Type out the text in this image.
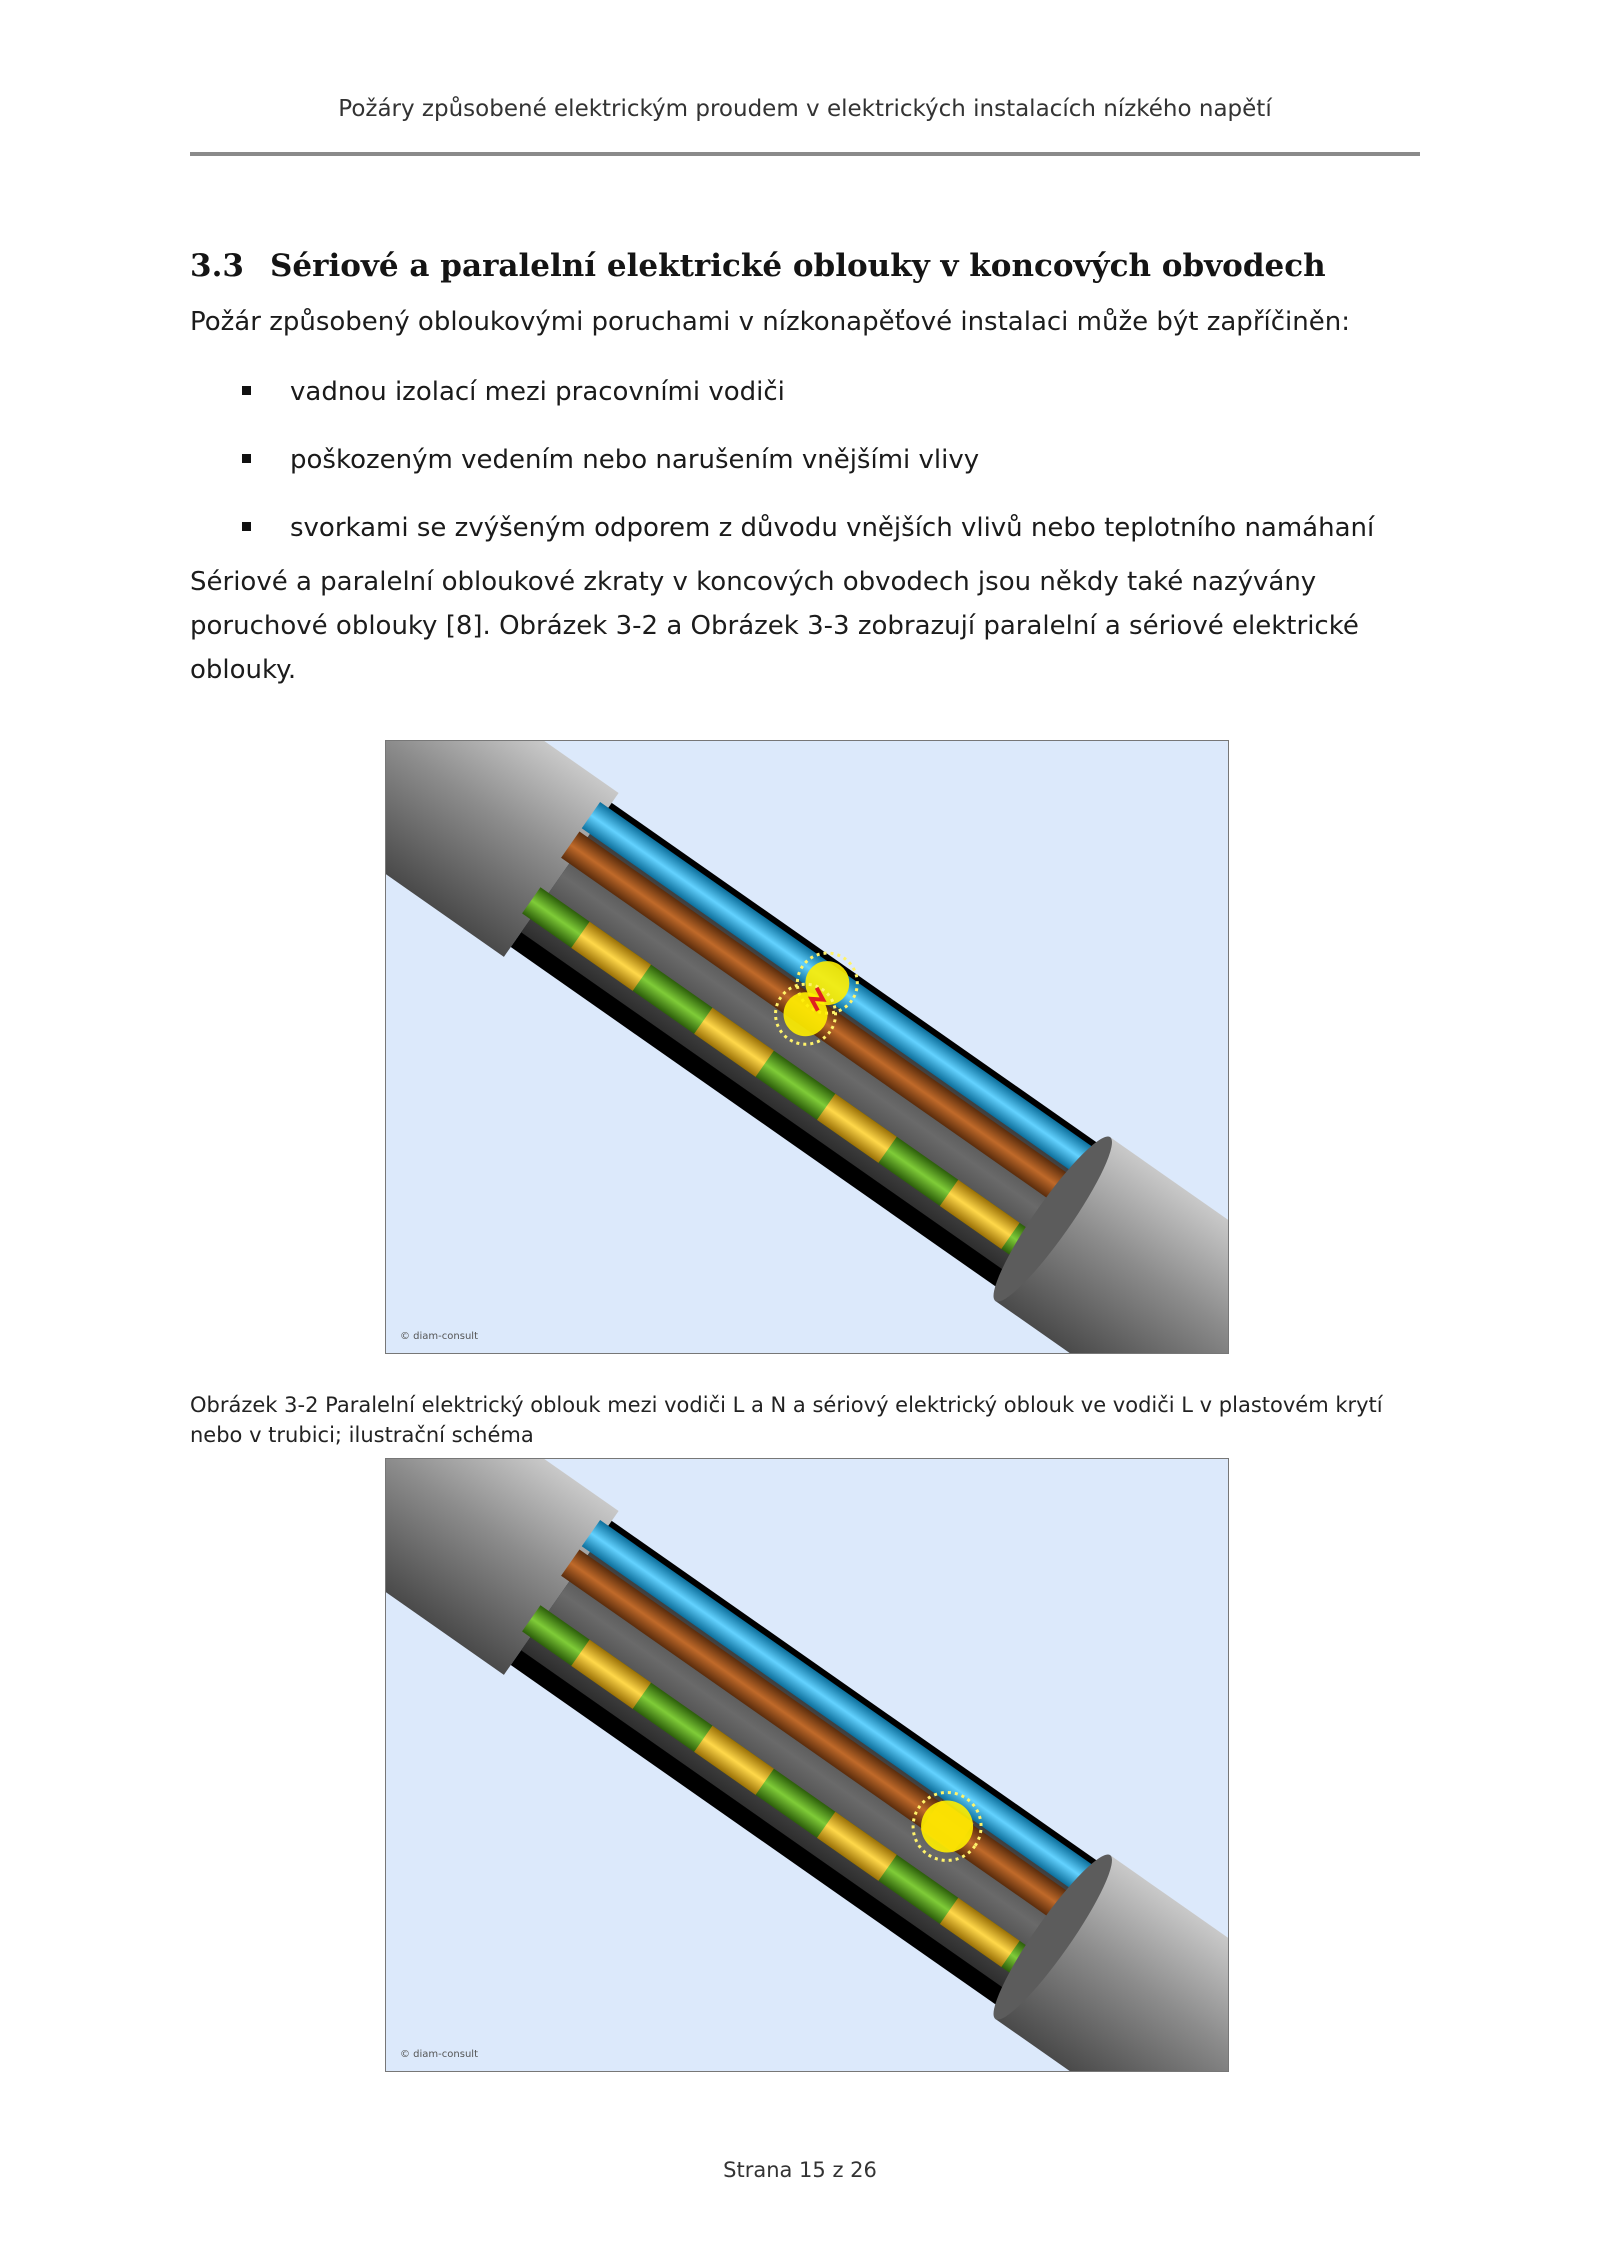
Požáry způsobené elektrickým proudem v elektrických instalacích nízkého napětí
3.3 Sériové a paralelní elektrické oblouky v koncových obvodech
Požár způsobený obloukovými poruchami v nízkonapěťové instalaci může být zapříčiněn:
vadnou izolací mezi pracovními vodiči
poškozeným vedením nebo narušením vnějšími vlivy
svorkami se zvýšeným odporem z důvodu vnějších vlivů nebo teplotního namáhaní
Sériové a paralelní obloukové zkraty v koncových obvodech jsou někdy také nazývány poruchové oblouky [8]. Obrázek 3-2 a Obrázek 3-3 zobrazují paralelní a sériové elektrické oblouky.
© diam-consult
Obrázek 3-2 Paralelní elektrický oblouk mezi vodiči L a N a sériový elektrický oblouk ve vodiči L v plastovém krytí nebo v trubici; ilustrační schéma
© diam-consult
Strana 15 z 26
